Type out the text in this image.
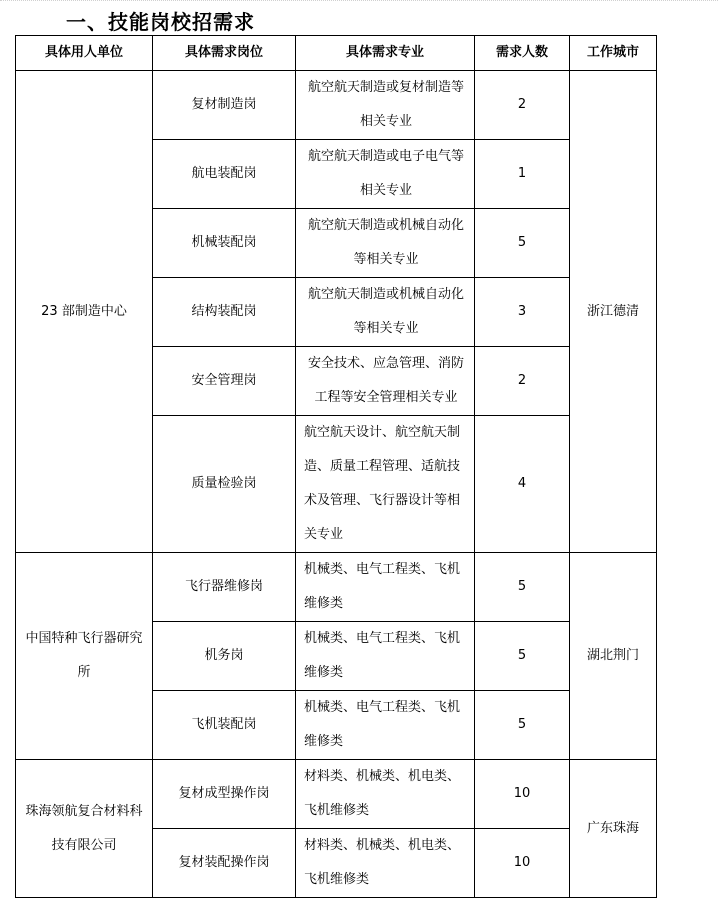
一、技能岗校招需求
具体用人单位	具体需求岗位	具体需求专业	需求人数	工作城市
23 部制造中心	复材制造岗	航空航天制造或复材制造等相关专业	2	浙江德清
	航电装配岗	航空航天制造或电子电气等相关专业	1	
	机械装配岗	航空航天制造或机械自动化等相关专业	5	
	结构装配岗	航空航天制造或机械自动化等相关专业	3	
	安全管理岗	安全技术、应急管理、消防工程等安全管理相关专业	2	
	质量检验岗	航空航天设计、航空航天制造、质量工程管理、适航技术及管理、飞行器设计等相关专业	4	
中国特种飞行器研究所	飞行器维修岗	机械类、电气工程类、飞机维修类	5	湖北荆门
	机务岗	机械类、电气工程类、飞机维修类	5	
	飞机装配岗	机械类、电气工程类、飞机维修类	5	
珠海领航复合材料科技有限公司	复材成型操作岗	材料类、机械类、机电类、飞机维修类	10	广东珠海
	复材装配操作岗	材料类、机械类、机电类、飞机维修类	10	
